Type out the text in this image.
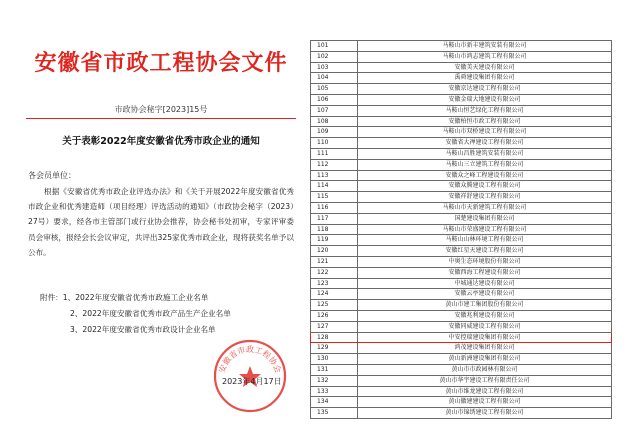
安徽省市政工程协会文件
市政协会秘字[2023]15号
关于表彰2022年度安徽省优秀市政企业的通知
各会员单位：
根据《安徽省优秀市政企业评选办法》和《关于开展2022年度安徽省优秀市政企业和优秀建造师（项目经理）评选活动的通知》（市政协会秘字（2023）27号）要求，经各市主管部门或行业协会推荐，协会秘书处初审，专家评审委员会审核，报经会长会议审定，共评出325家优秀市政企业，现将获奖名单予以公布。
附件：1、2022年度安徽省优秀市政施工企业名单
2、2022年度安徽省优秀市政产品生产企业名单
3、2022年度安徽省优秀市政设计企业名单
安徽省市政工程协会
2023年4月17日
101	马鞍山市新丰建筑安装有限公司
102	马鞍山市鸿志建筑工程有限公司
103	安徽美天建设有限公司
104	禹舜建设集团有限公司
105	安徽京达建设工程有限公司
106	安徽金瑞大地建设有限公司
107	马鞍山恒艺绿化工程有限公司
108	安徽柏恒市政工程有限公司
109	马鞍山市双桥建设工程有限公司
110	安徽省大禅建设工程有限公司
111	马鞍山昌胜建筑安装有限公司
112	马鞍山三立建筑工程有限公司
113	安徽众之峰工程建设有限公司
114	安徽众腾建设工程有限公司
115	安徽祥舒建设工程有限公司
116	马鞍山市天新建筑工程有限公司
117	国楚建设集团有限公司
118	马鞍山市荣盛建设工程有限公司
119	马鞍山山林环境工程有限公司
120	安徽红星天建设工程有限公司
121	中奥生态环境股份有限公司
122	安徽西海工程建设有限公司
123	中城通达建设有限公司
124	安徽云亭建设有限公司
125	黄山市建工集团股份有限公司
126	安徽兆利建设有限公司
127	安徽同威建设工程有限公司
128	中安控瑞建设集团有限公司
129	鸿茂建设集团有限公司
130	黄山新洲建设集团有限公司
131	黄山市市政园林有限公司
132	黄山市华宇建设工程有限责任公司
133	黄山市维龙建设工程有限公司
134	黄山徽建建设工程有限公司
135	黄山市锦绣建设工程有限公司
